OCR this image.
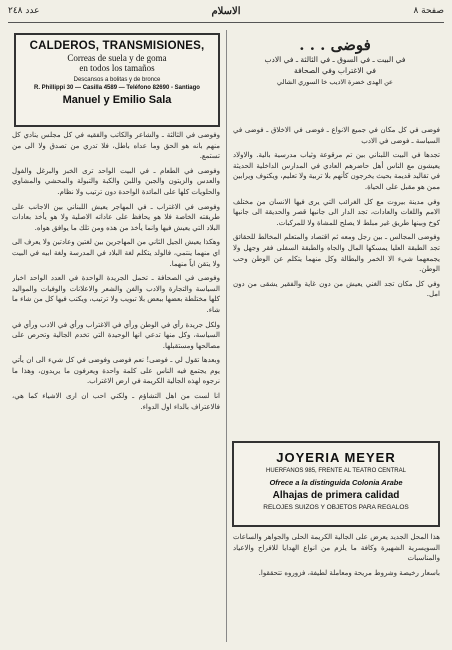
صفحة ٨
الاسلام
عدد ٢٤٨
CALDEROS, TRANSMISIONES,
Correas de suela y de goma
en todos los tamaños
Descansos a bolitas y de bronce
R. Phillippi 30 — Casilla 4589 — Teléfono 82690 - Santiago
Manuel y Emilio Sala
فوضى . . .
في البيت ـ في السوق ـ في الثالثة ـ في الادب
في الاغتراب وفي الصحافة
عن الهدى خضرة الاديب خا السوري الشالي

فوضى في كل مكان في جميع الانواع ـ فوضى في الاخلاق ـ فوضى في السياسة ـ فوضى في الادب

تجدها في البيت اللبناني بين تم مرقوعة وثياب مدرسية بالية. والاولاد يعيشون مع الناس أهل حاضرهم العادي في المدارس الداخلية الحديثة في تقاليد قديمة بحيث يخرجون كأنهم بلا تربية ولا تعليم، ويكتوف ويرابين ممن هو مقبل على الحياة.

وفي مدينة بيروت مع كل الغرائب التي يرى فيها الانسان من مختلف الامم واللغات والعادات، تجد الدار الى جانبها قصر والحديقة الى جانبها كوخ وبينها طريق غير مبلط لا يصلح للمشاة ولا للمركبات.

وفوضى المجالس ـ بين رجل ومعه ثم اقتصاد والمتعلم المخالط للحقائق تجد الطبقة العليا يمسكها المال والجاه والطبقة السفلى فقر وجهل ولا يجمعهما شيء الا الخمر والبطالة وكل منهما يتكلم عن الوطن وحب الوطن.

وفي كل مكان تجد الغني يعيش من دون غاية والفقير يشقى من دون امل.

JOYERIA MEYER
HUERFANOS 985, FRENTE AL TEATRO CENTRAL
Ofrece a la distinguida Colonia Arabe
Alhajas de primera calidad
RELOJES SUIZOS Y OBJETOS PARA REGALOS

هذا المحل الجديد يعرض على الجالية الكريمة الحلى والجواهر والساعات السويسرية الشهيرة وكافة ما يلزم من انواع الهدايا للافراح والاعياد والمناسبات

باسعار رخيصة وشروط مريحة ومعاملة لطيفة، فزوروه تتحققوا.

وفوضى في الثالثة ـ والشاعر والكاتب والفقيه في كل مجلس ينادي كل منهم بانه هو الحق وما عداه باطل، فلا تدري من تصدق ولا الى من تستمع.

وفوضى في الطعام ـ في البيت الواحد ترى الخبز والبرغل والفول والعدس والزيتون والجبن واللبن والكبة والتبولة والمحشي والمشاوي والحلويات كلها على المائدة الواحدة دون ترتيب ولا نظام.

وفوضى في الاغتراب ـ في المهاجر يعيش اللبناني بين الاجانب على طريقته الخاصة فلا هو يحافظ على عاداته الاصلية ولا هو يأخذ بعادات البلاد التي يعيش فيها وانما يأخذ من هذه ومن تلك ما يوافق هواه.

وهكذا يعيش الجيل الثاني من المهاجرين بين لغتين وعادتين ولا يعرف الى اي منهما ينتمي، فالولد يتكلم لغة البلاد في المدرسة ولغة ابيه في البيت ولا يتقن اياً منهما.

وفوضى في الصحافة ـ تحمل الجريدة الواحدة في العدد الواحد اخبار السياسة والتجارة والادب والفن والشعر والاعلانات والوفيات والمواليد كلها مختلطة بعضها ببعض بلا تبويب ولا ترتيب، ويكتب فيها كل من شاء ما شاء.

ولكل جريدة رأي في الوطن ورأي في الاغتراب ورأي في الادب ورأي في السياسة، وكل منها تدعي انها الوحيدة التي تخدم الجالية وتحرص على مصالحها ومستقبلها.

وبعدها تقول لي ـ فوضى! نعم فوضى وفوضى في كل شيء الى ان يأتي يوم يجتمع فيه الناس على كلمة واحدة ويعرفون ما يريدون، وهذا ما نرجوه لهذه الجالية الكريمة في ارض الاغتراب.

انا لست من اهل التشاؤم ـ ولكني احب ان ارى الاشياء كما هي، فالاعتراف بالداء اول الدواء.
